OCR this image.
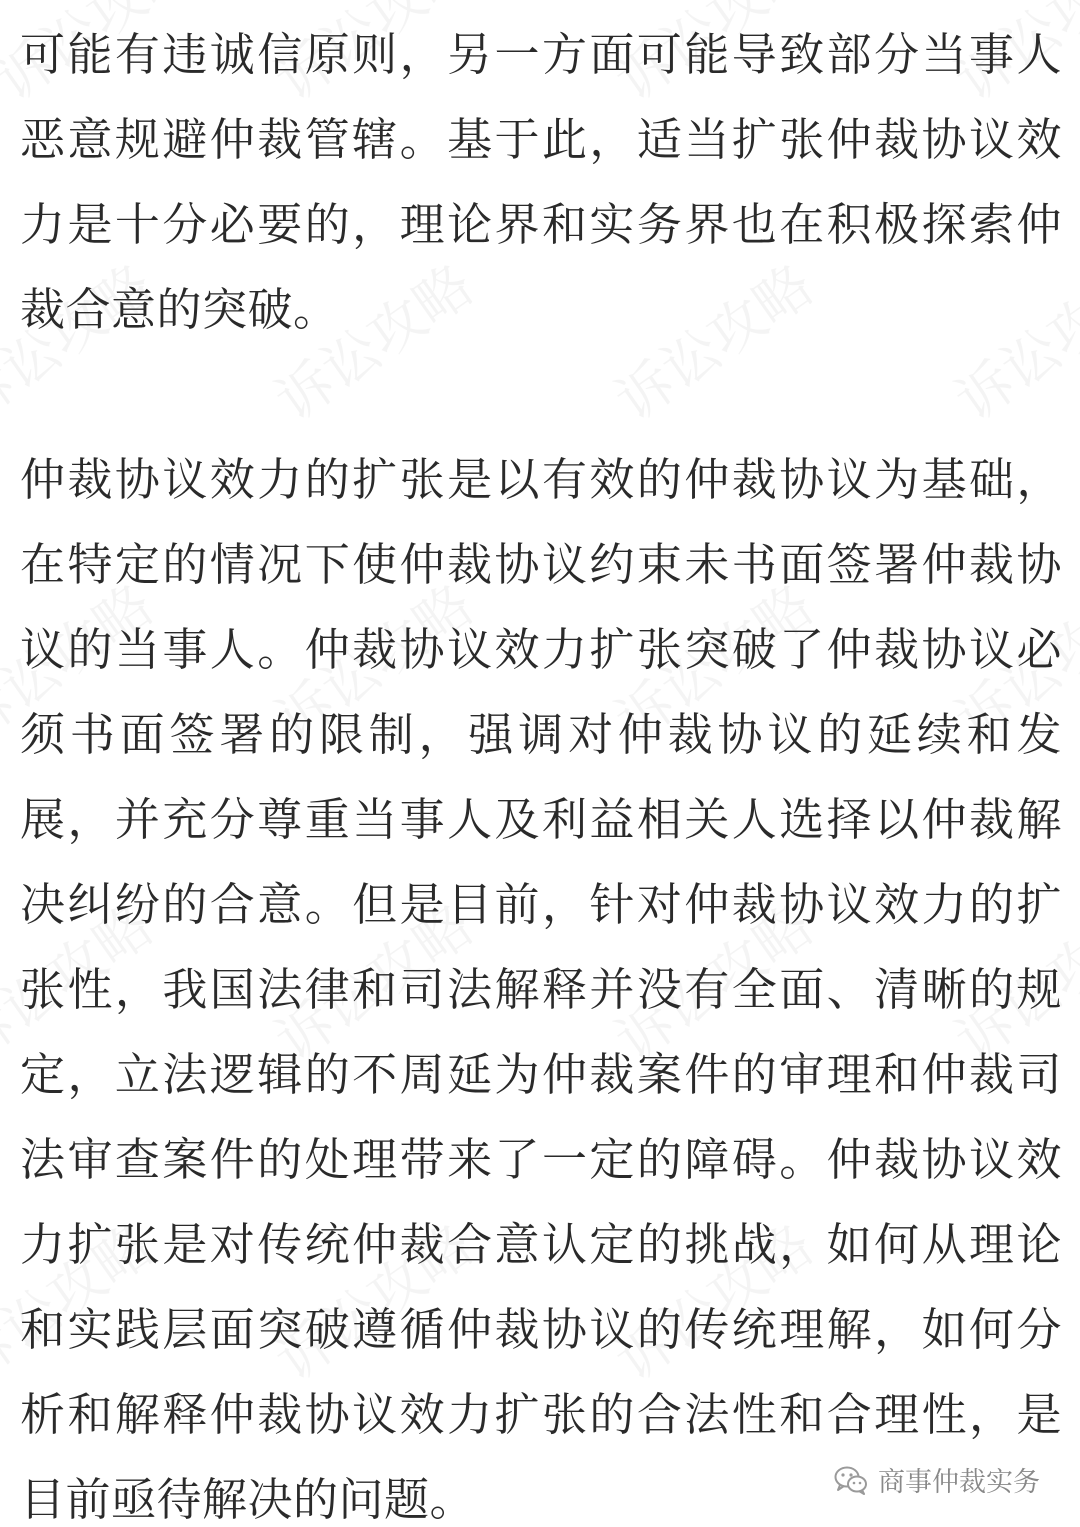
可能有违诚信原则，另一方面可能导致部分当事人恶意规避仲裁管辖。基于此，适当扩张仲裁协议效力是十分必要的，理论界和实务界也在积极探索仲裁合意的突破。

仲裁协议效力的扩张是以有效的仲裁协议为基础，在特定的情况下使仲裁协议约束未书面签署仲裁协议的当事人。仲裁协议效力扩张突破了仲裁协议必须书面签署的限制，强调对仲裁协议的延续和发展，并充分尊重当事人及利益相关人选择以仲裁解决纠纷的合意。但是目前，针对仲裁协议效力的扩张性，我国法律和司法解释并没有全面、清晰的规定，立法逻辑的不周延为仲裁案件的审理和仲裁司法审查案件的处理带来了一定的障碍。仲裁协议效力扩张是对传统仲裁合意认定的挑战，如何从理论和实践层面突破遵循仲裁协议的传统理解，如何分析和解释仲裁协议效力扩张的合法性和合理性，是目前亟待解决的问题。	商事仲裁实务
